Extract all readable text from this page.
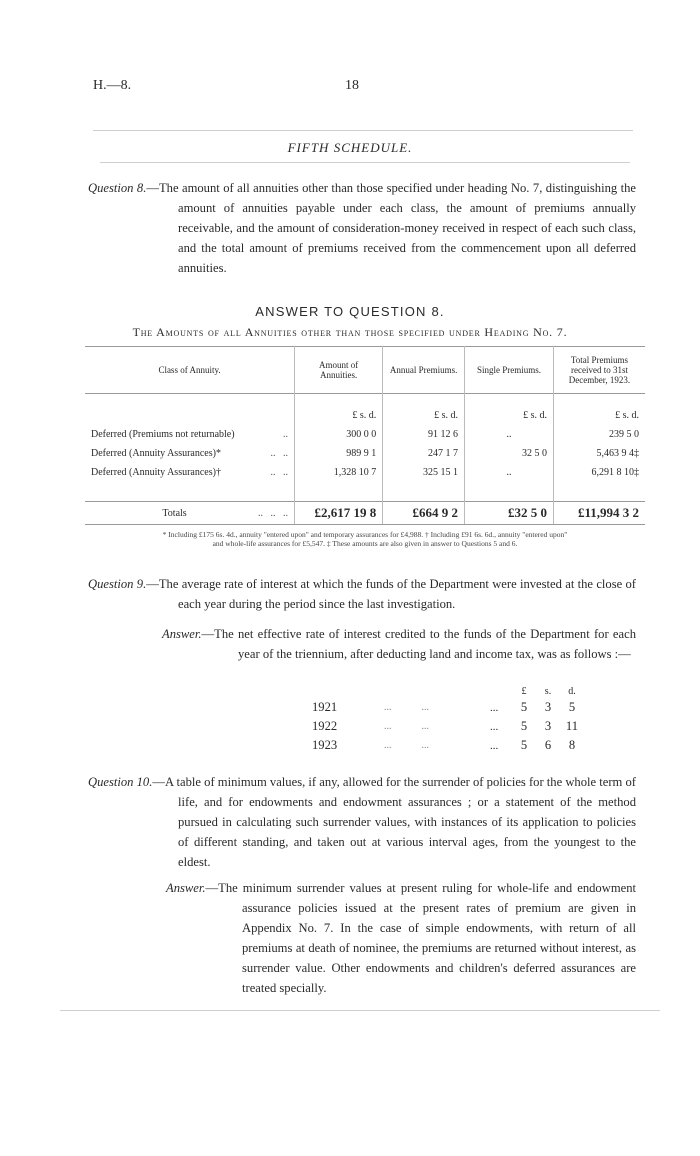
H.—8.	18
FIFTH SCHEDULE.
Question 8.—The amount of all annuities other than those specified under heading No. 7, distinguishing the amount of annuities payable under each class, the amount of premiums annually receivable, and the amount of consideration-money received in respect of each such class, and the total amount of premiums received from the commencement upon all deferred annuities.
ANSWER TO QUESTION 8.
The Amounts of all Annuities other than those specified under Heading No. 7.
Class of Annuity.	Amount of Annuities.	Annual Premiums.	Single Premiums.	Total Premiums received to 31st December, 1923.
	£ s. d.	£ s. d.	£ s. d.	£ s. d.
Deferred (Premiums not returnable) ..	300 0 0	91 12 6	..	239 5 0
Deferred (Annuity Assurances)* ..   ..	989 9 1	247 1 7	32 5 0	5,463 9 4‡
Deferred (Annuity Assurances)† ..   ..	1,328 10 7	325 15 1	..	6,291 8 10‡

Totals ..   ..   ..	£2,617 19 8	£664 9 2	£32 5 0	£11,994 3 2
* Including £175 6s. 4d., annuity "entered upon" and temporary assurances for £4,988. † Including £91 6s. 6d., annuity "entered upon"
and whole-life assurances for £5,547. ‡ These amounts are also given in answer to Questions 5 and 6.
Question 9.—The average rate of interest at which the funds of the Department were invested at the close of each year during the period since the last investigation.
Answer.—The net effective rate of interest credited to the funds of the Department for each year of the triennium, after deducting land and income tax, was as follows :—
			£	s.	d.
1921	...            ...	...	5	3	5
1922	...            ...	...	5	3	11
1923	...            ...	...	5	6	8
Question 10.—A table of minimum values, if any, allowed for the surrender of policies for the whole term of life, and for endowments and endowment assurances ; or a statement of the method pursued in calculating such surrender values, with instances of its application to policies of different standing, and taken out at various interval ages, from the youngest to the eldest.
Answer.—The minimum surrender values at present ruling for whole-life and endowment assurance policies issued at the present rates of premium are given in Appendix No. 7. In the case of simple endowments, with return of all premiums at death of nominee, the premiums are returned without interest, as surrender value. Other endowments and children's deferred assurances are treated specially.
